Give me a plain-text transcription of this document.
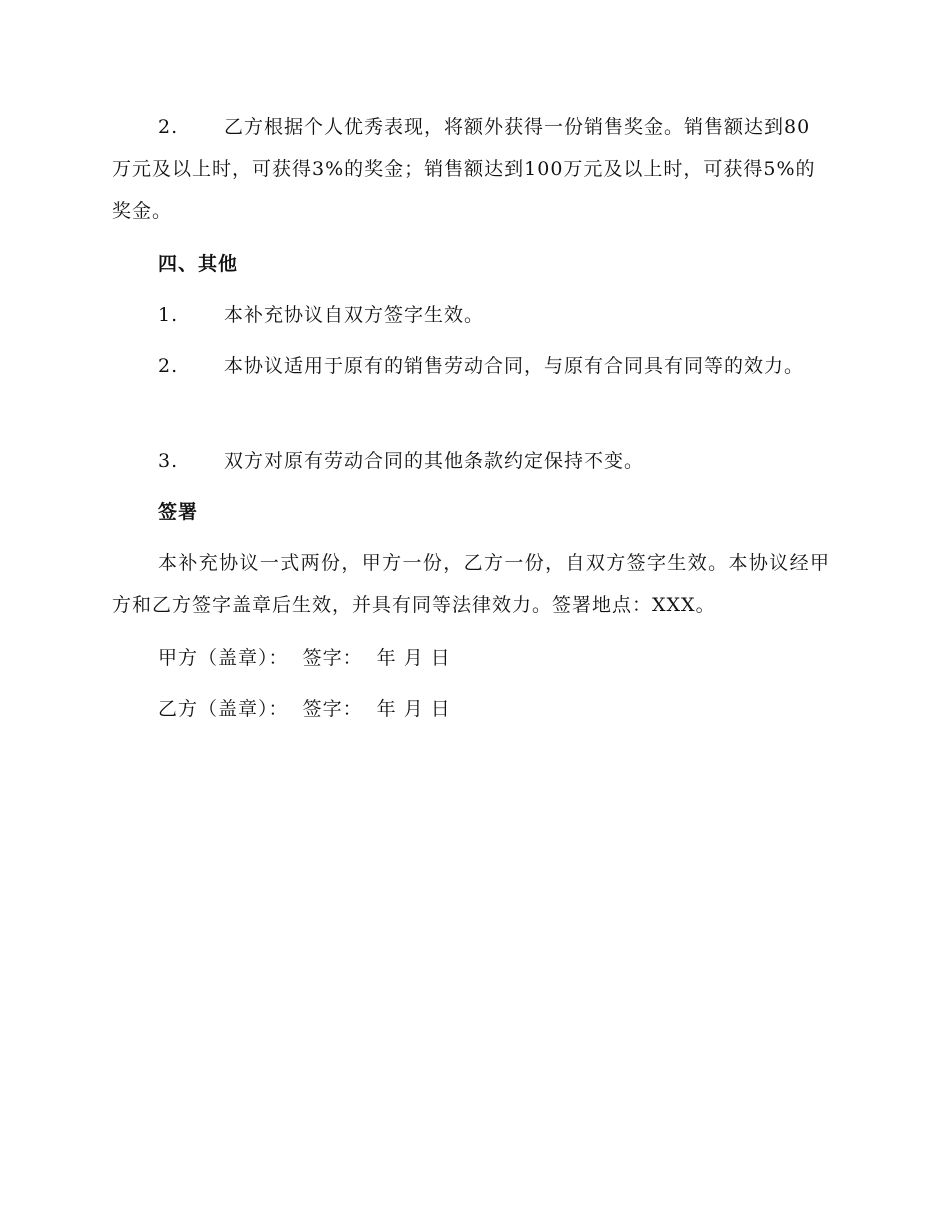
2.	乙方根据个人优秀表现，将额外获得一份销售奖金。销售额达到80万元及以上时，可获得3%的奖金；销售额达到100万元及以上时，可获得5%的奖金。
四、其他
1.	本补充协议自双方签字生效。
2.	本协议适用于原有的销售劳动合同，与原有合同具有同等的效力。
3.	双方对原有劳动合同的其他条款约定保持不变。
签署
本补充协议一式两份，甲方一份，乙方一份，自双方签字生效。本协议经甲方和乙方签字盖章后生效，并具有同等法律效力。签署地点：XXX。
甲方（盖章）：  签字：  年 月 日
乙方（盖章）：  签字：  年 月 日
